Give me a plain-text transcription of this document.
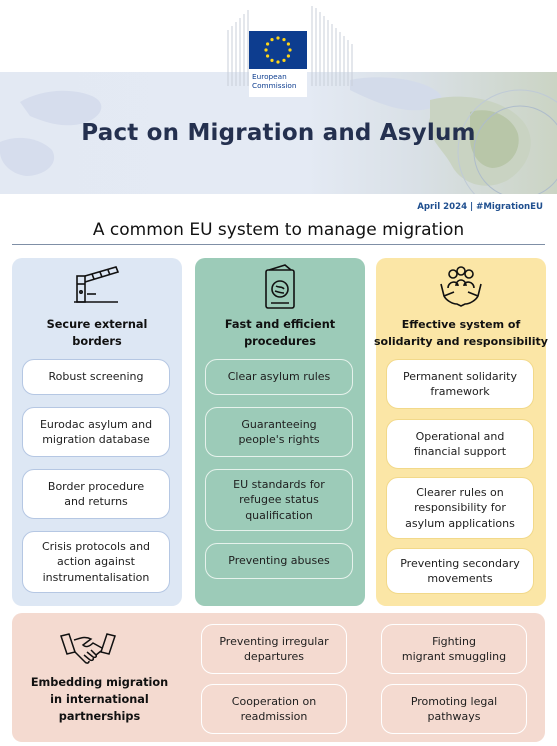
European
Commission
Pact on Migration and Asylum
April 2024 | #MigrationEU
A common EU system to manage migration
Secure external
borders
Robust screening
Eurodac asylum and
migration database
Border procedure
and returns
Crisis protocols and
action against
instrumentalisation
Fast and efficient
procedures
Clear asylum rules
Guaranteeing
people's rights
EU standards for
refugee status
qualification
Preventing abuses
Effective system of
solidarity and responsibility
Permanent solidarity
framework
Operational and
financial support
Clearer rules on
responsibility for
asylum applications
Preventing secondary
movements
Embedding migration
in international
partnerships
Preventing irregular
departures
Fighting
migrant smuggling
Cooperation on
readmission
Promoting legal
pathways
